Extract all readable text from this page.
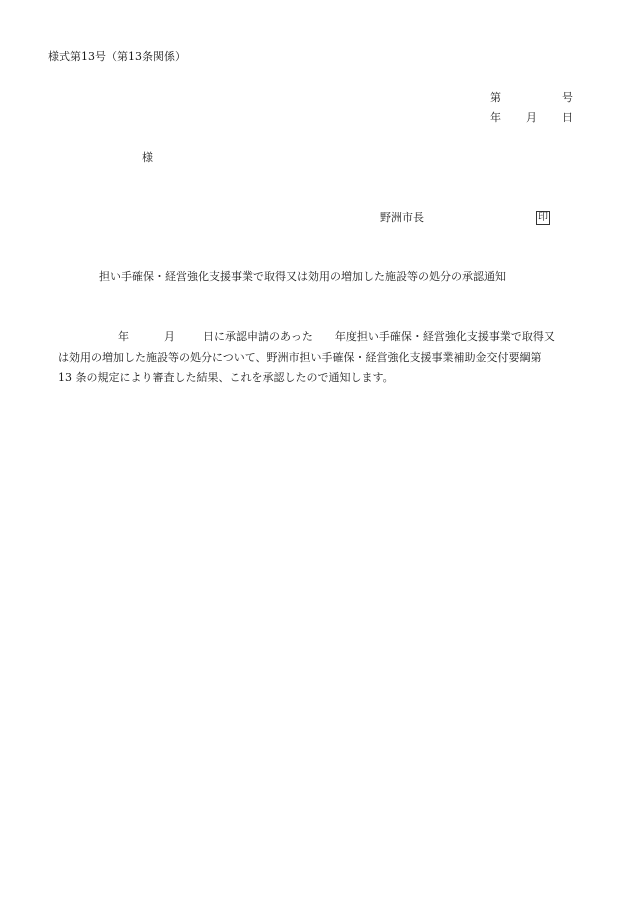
様式第13号（第13条関係）
第	号
年 月 日
様
野洲市長	印
担い手確保・経営強化支援事業で取得又は効用の増加した施設等の処分の承認通知
年	月	日に承認申請のあった 年度担い手確保・経営強化支援事業で取得又
は効用の増加した施設等の処分について、野洲市担い手確保・経営強化支援事業補助金交付要綱第
13 条の規定により審査した結果、これを承認したので通知します。
